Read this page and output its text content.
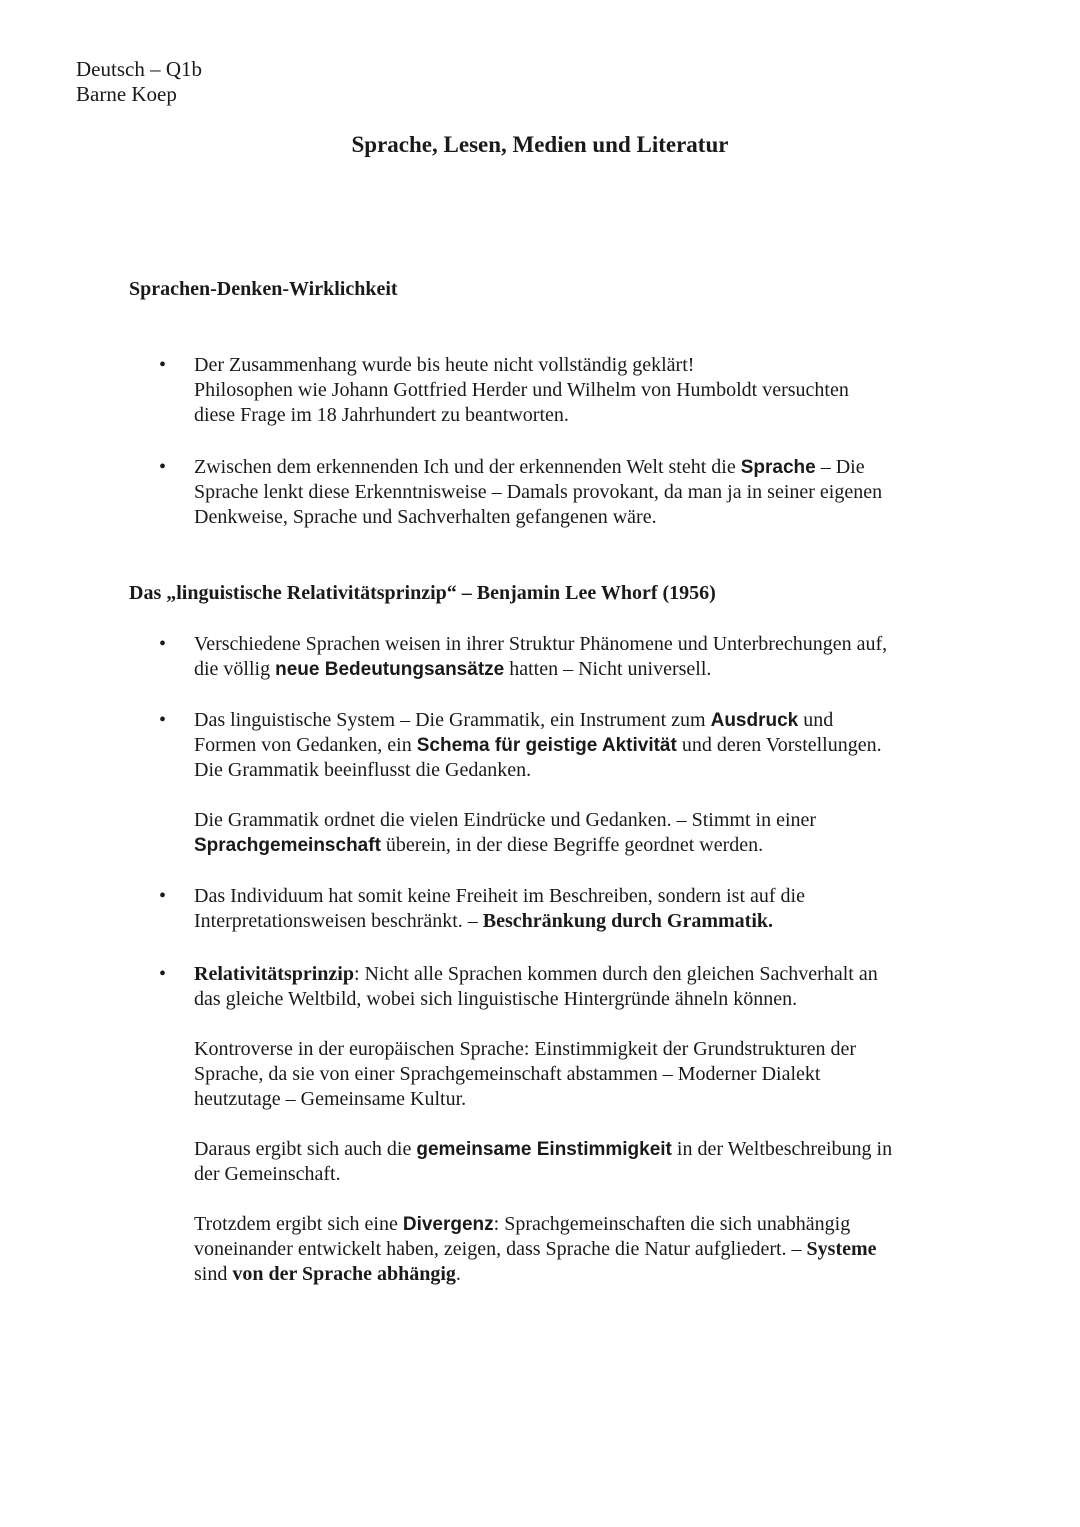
Deutsch – Q1b
Barne Koep
Sprache, Lesen, Medien und Literatur
Sprachen-Denken-Wirklichkeit
• Der Zusammenhang wurde bis heute nicht vollständig geklärt!
Philosophen wie Johann Gottfried Herder und Wilhelm von Humboldt versuchten
diese Frage im 18 Jahrhundert zu beantworten.
• Zwischen dem erkennenden Ich und der erkennenden Welt steht die Sprache – Die
Sprache lenkt diese Erkenntnisweise – Damals provokant, da man ja in seiner eigenen
Denkweise, Sprache und Sachverhalten gefangenen wäre.
Das „linguistische Relativitätsprinzip“ – Benjamin Lee Whorf (1956)
• Verschiedene Sprachen weisen in ihrer Struktur Phänomene und Unterbrechungen auf,
die völlig neue Bedeutungsansätze hatten – Nicht universell.
• Das linguistische System – Die Grammatik, ein Instrument zum Ausdruck und
Formen von Gedanken, ein Schema für geistige Aktivität und deren Vorstellungen.
Die Grammatik beeinflusst die Gedanken.
Die Grammatik ordnet die vielen Eindrücke und Gedanken. – Stimmt in einer
Sprachgemeinschaft überein, in der diese Begriffe geordnet werden.
• Das Individuum hat somit keine Freiheit im Beschreiben, sondern ist auf die
Interpretationsweisen beschränkt. – Beschränkung durch Grammatik.
• Relativitätsprinzip: Nicht alle Sprachen kommen durch den gleichen Sachverhalt an
das gleiche Weltbild, wobei sich linguistische Hintergründe ähneln können.
Kontroverse in der europäischen Sprache: Einstimmigkeit der Grundstrukturen der
Sprache, da sie von einer Sprachgemeinschaft abstammen – Moderner Dialekt
heutzutage – Gemeinsame Kultur.
Daraus ergibt sich auch die gemeinsame Einstimmigkeit in der Weltbeschreibung in
der Gemeinschaft.
Trotzdem ergibt sich eine Divergenz: Sprachgemeinschaften die sich unabhängig
voneinander entwickelt haben, zeigen, dass Sprache die Natur aufgliedert. – Systeme
sind von der Sprache abhängig.
